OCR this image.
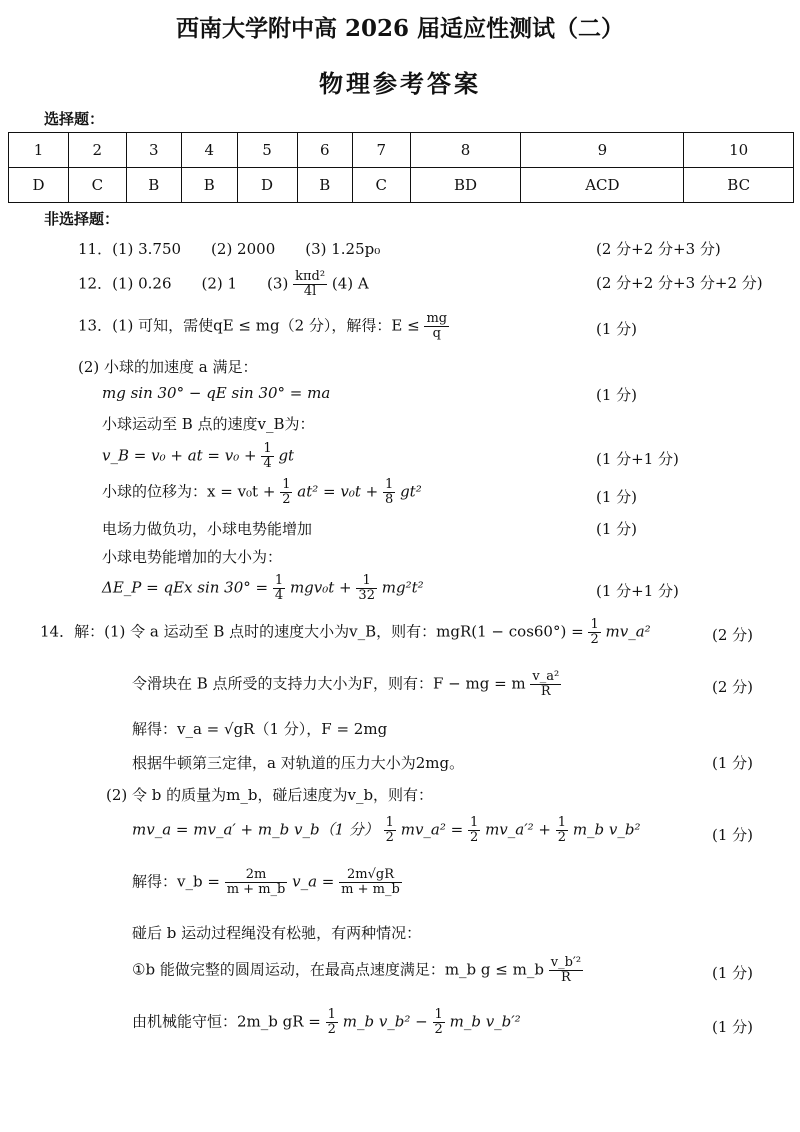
西南大学附中高 2026 届适应性测试（二）
物理参考答案
选择题：
1	2	3	4	5	6	7	8	9	10
D	C	B	B	D	B	C	BD	ACD	BC
非选择题：
11．(1) 3.750　　(2) 2000　　(3) 1.25p₀	(2 分+2 分+3 分)
12．(1) 0.26　　(2) 1　　$(3) \frac{\text{kπd²}}{4l} (4)$ A	(2 分+2 分+3 分+2 分)
13．(1) 可知，需使qE ≤ mg（2 分），解得：$E \le \frac{mg}{q}$	(1 分)
(2) 小球的加速度 a 满足：
mg sin 30° − qE sin 30° = ma	(1 分)
小球运动至 B 点的速度v_B为：
v_B = v₀ + at = $v_0 + \frac{1}{4}$ gt	(1 分+1 分)
小球的位移为：$x = v_0t + \frac{1}{2} at^2 = v_0t + \frac{1}{8} gt^2$	(1 分)
电场力做负功，小球电势能增加	(1 分)
小球电势能增加的大小为：
ΔE_P = qEx $\sin 30^\circ = \frac{1}{4} mgv_0t + \frac{1}{32} mg^2t^2$	(1 分+1 分)
14．解：(1) 令 a 运动至 B 点时的速度大小为v_B，则有：$mgR(1 - \cos 60^\circ) = \frac{1}{2}$ mv_a²	(2 分)
令滑块在 B 点所受的支持力大小为F，则有：F − mg = m $\frac{\text{v\_a²}}{R}$	(2 分)
解得：v_a = √gR（1 分），F = 2mg
根据牛顿第三定律，a 对轨道的压力大小为2mg。	(1 分)
(2) 令 b 的质量为m_b，碰后速度为v_b，则有：
mv_a = mv_a′ + m_b v_b（1 分） $\frac{1}{2}$ mv_a² = $\frac{1}{2}$ mv_a′² + $\frac{1}{2}$ m_b v_b²	(1 分)
解得：v_b = $\frac{2m}{m + m\_b}$ v_a = $\frac{2m√gR}{m + m\_b}$
碰后 b 运动过程绳没有松驰，有两种情况：
①b 能做完整的圆周运动，在最高点速度满足：m_b g ≤ m_b $\frac{\text{v\_b′²}}{R}$	(1 分)
由机械能守恒：2m_b gR = $\frac{1}{2}$ m_b v_b² − $\frac{1}{2}$ m_b v_b′²	(1 分)
